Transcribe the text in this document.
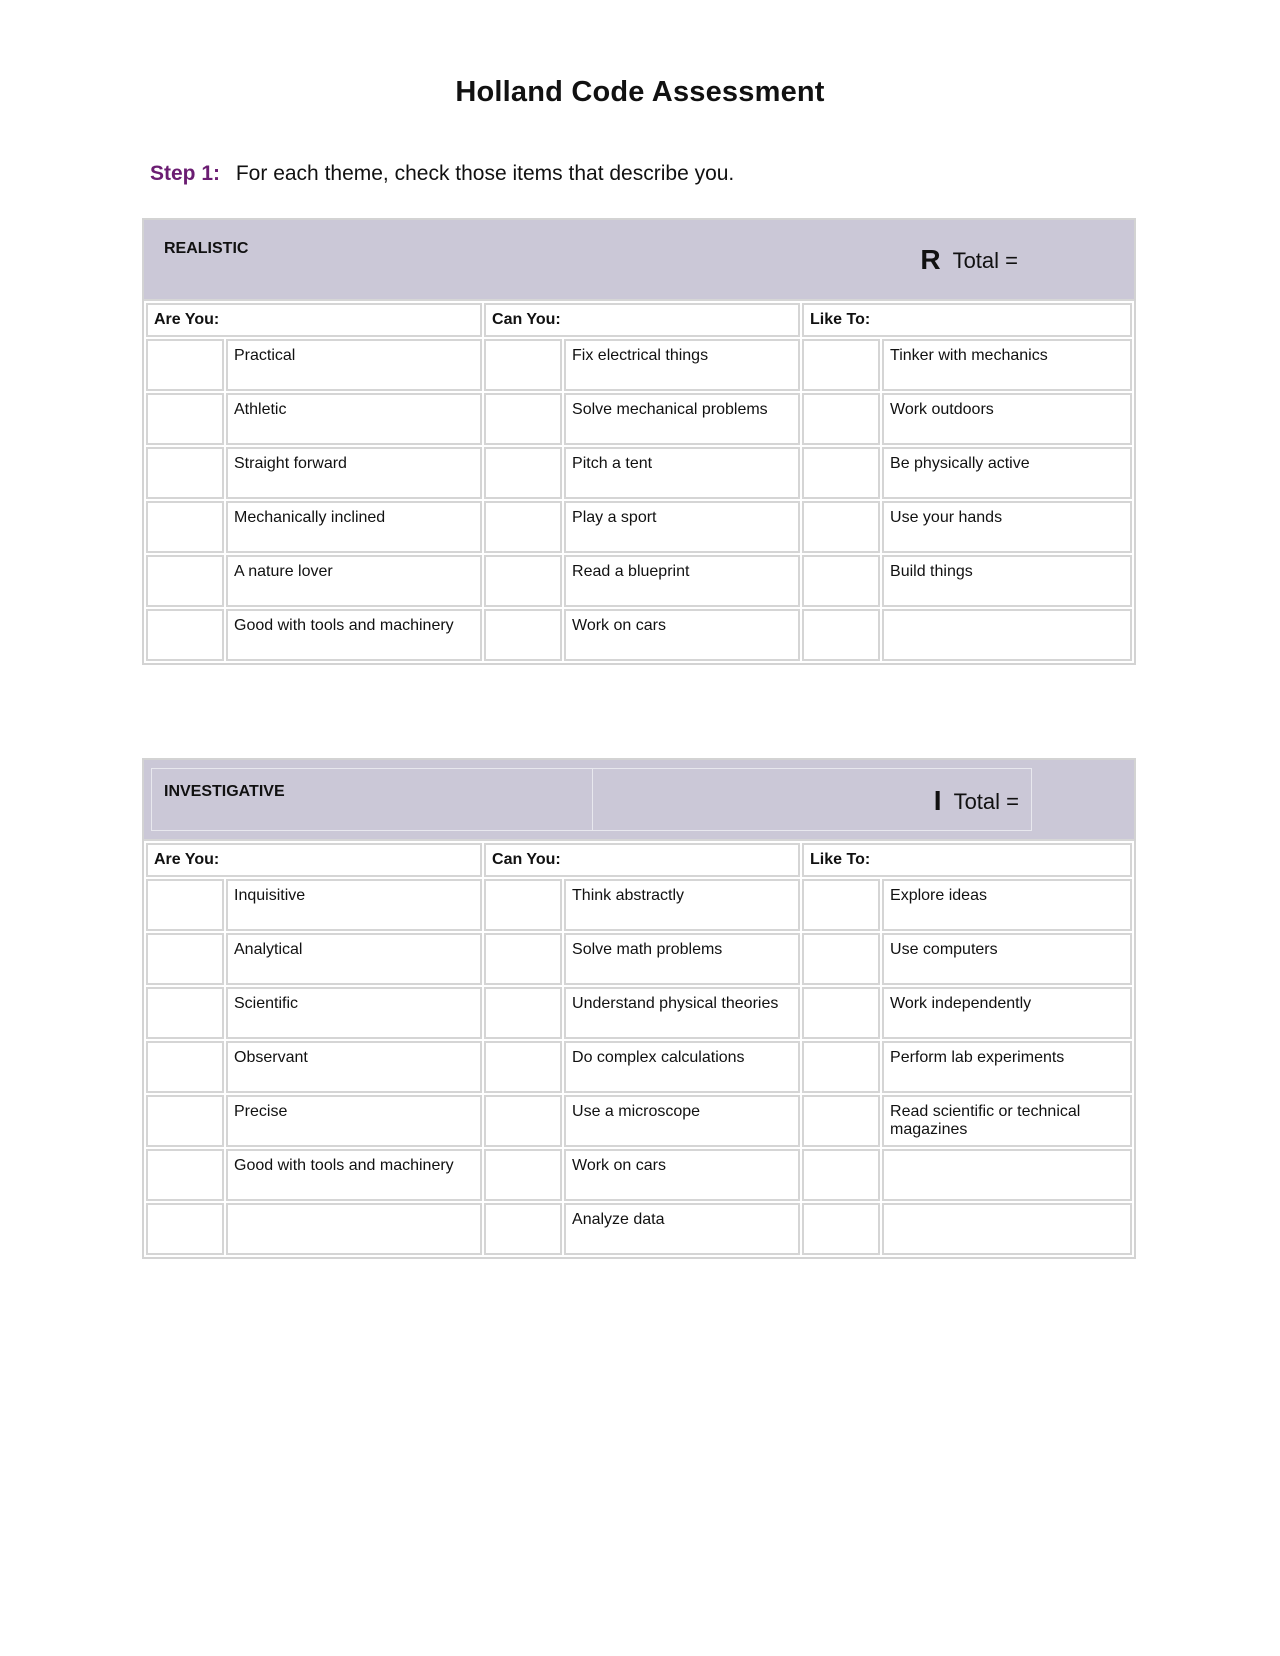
Holland Code Assessment
Step 1: For each theme, check those items that describe you.
REALISTIC	R Total =
Are You:		Can You:		Like To:	
	Practical		Fix electrical things		Tinker with mechanics
	Athletic		Solve mechanical problems		Work outdoors
	Straight forward		Pitch a tent		Be physically active
	Mechanically inclined		Play a sport		Use your hands
	A nature lover		Read a blueprint		Build things
	Good with tools and machinery		Work on cars		
INVESTIGATIVE	I Total =
Are You:		Can You:		Like To:	
	Inquisitive		Think abstractly		Explore ideas
	Analytical		Solve math problems		Use computers
	Scientific		Understand physical theories		Work independently
	Observant		Do complex calculations		Perform lab experiments
	Precise		Use a microscope		Read scientific or technical magazines
	Good with tools and machinery		Work on cars		
			Analyze data		
